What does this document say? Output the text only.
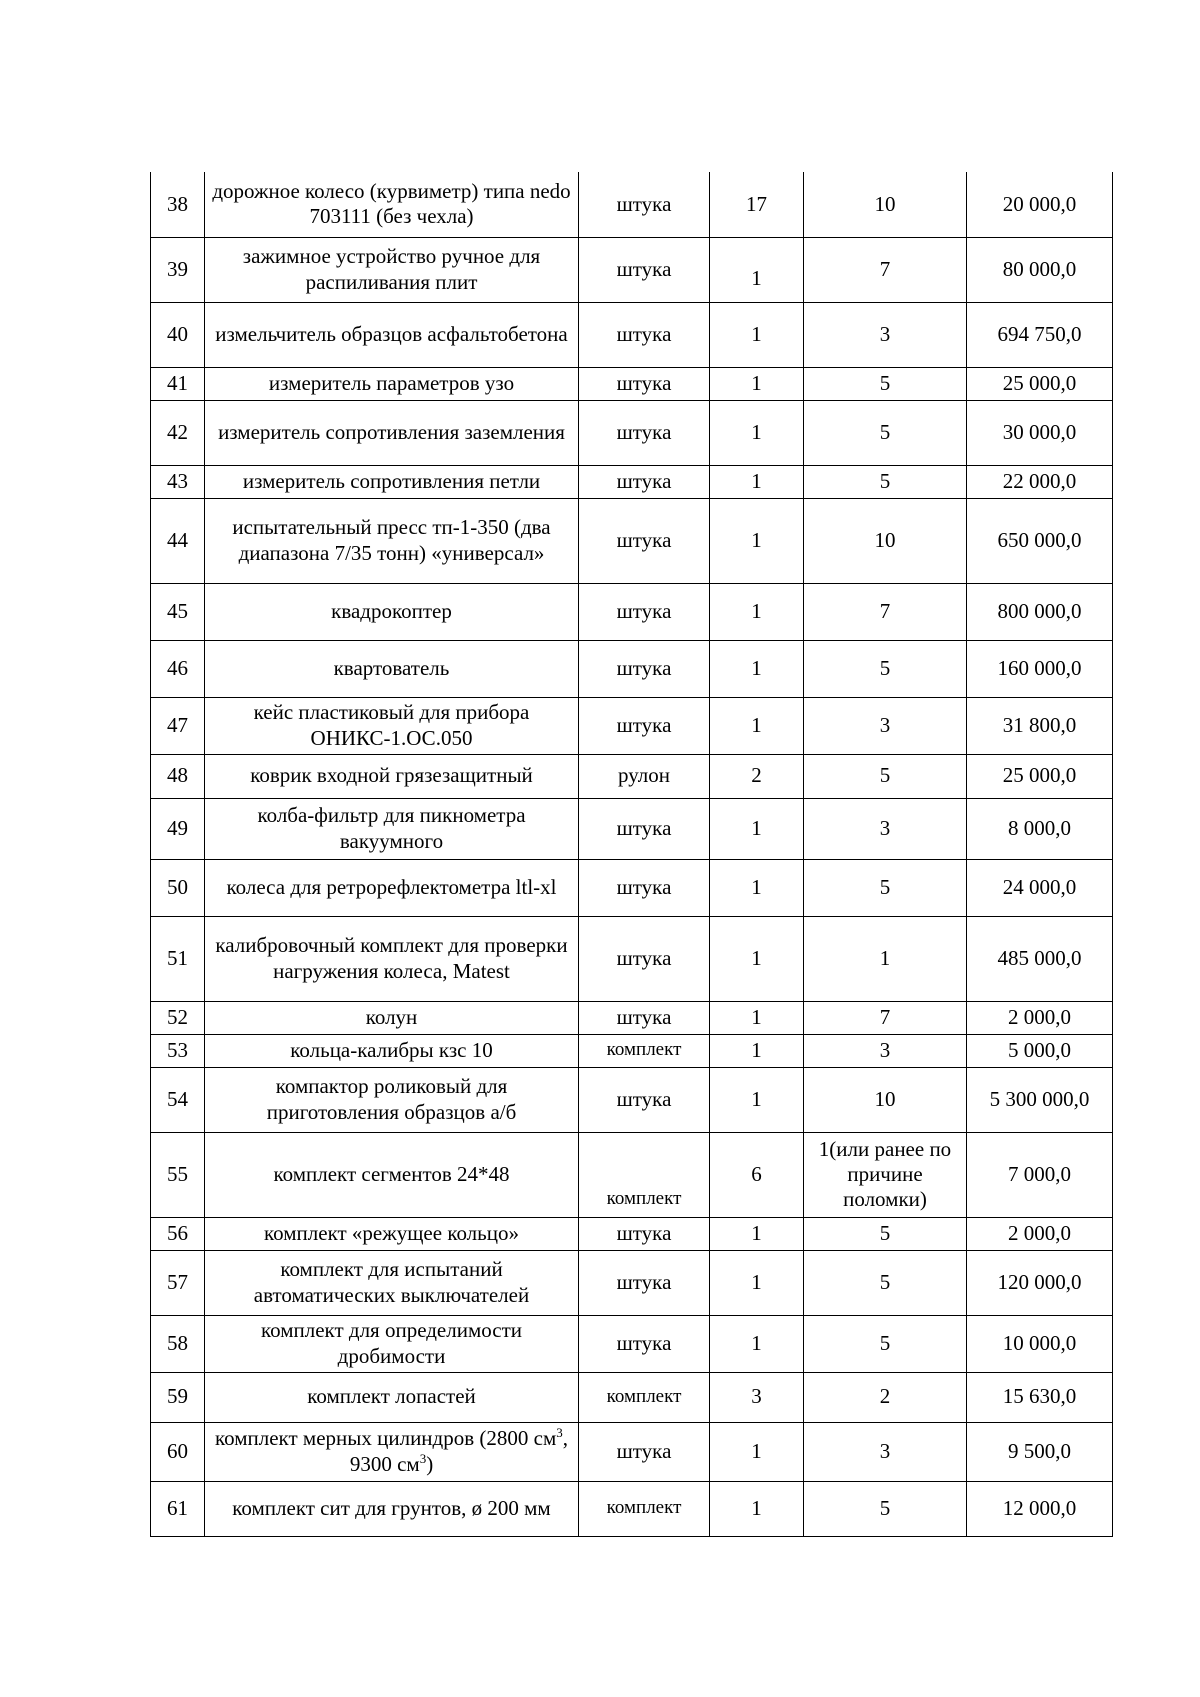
38	дорожное колесо (курвиметр) типа nedo 703111 (без чехла)	штука	17	10	20 000,0
39	зажимное устройство ручное для распиливания плит	штука	1	7	80 000,0
40	измельчитель образцов асфальтобетона	штука	1	3	694 750,0
41	измеритель параметров узо	штука	1	5	25 000,0
42	измеритель сопротивления заземления	штука	1	5	30 000,0
43	измеритель сопротивления петли	штука	1	5	22 000,0
44	испытательный пресс тп-1-350 (два диапазона 7/35 тонн) «универсал»	штука	1	10	650 000,0
45	квадрокоптер	штука	1	7	800 000,0
46	квартователь	штука	1	5	160 000,0
47	кейс пластиковый для прибора ОНИКС-1.ОС.050	штука	1	3	31 800,0
48	коврик входной грязезащитный	рулон	2	5	25 000,0
49	колба-фильтр для пикнометра вакуумного	штука	1	3	8 000,0
50	колеса для ретрорефлектометра ltl-xl	штука	1	5	24 000,0
51	калибровочный комплект для проверки нагружения колеса, Matest	штука	1	1	485 000,0
52	колун	штука	1	7	2 000,0
53	кольца-калибры кзс 10	комплект	1	3	5 000,0
54	компактор роликовый для приготовления образцов а/б	штука	1	10	5 300 000,0
55	комплект сегментов 24*48	комплект	6	1(или ранее по причине поломки)	7 000,0
56	комплект «режущее кольцо»	штука	1	5	2 000,0
57	комплект для испытаний автоматических выключателей	штука	1	5	120 000,0
58	комплект для определимости дробимости	штука	1	5	10 000,0
59	комплект лопастей	комплект	3	2	15 630,0
60	комплект мерных цилиндров (2800 $см^3$, 9300 $см^3$)	штука	1	3	9 500,0
61	комплект сит для грунтов, ø 200 мм	комплект	1	5	12 000,0
